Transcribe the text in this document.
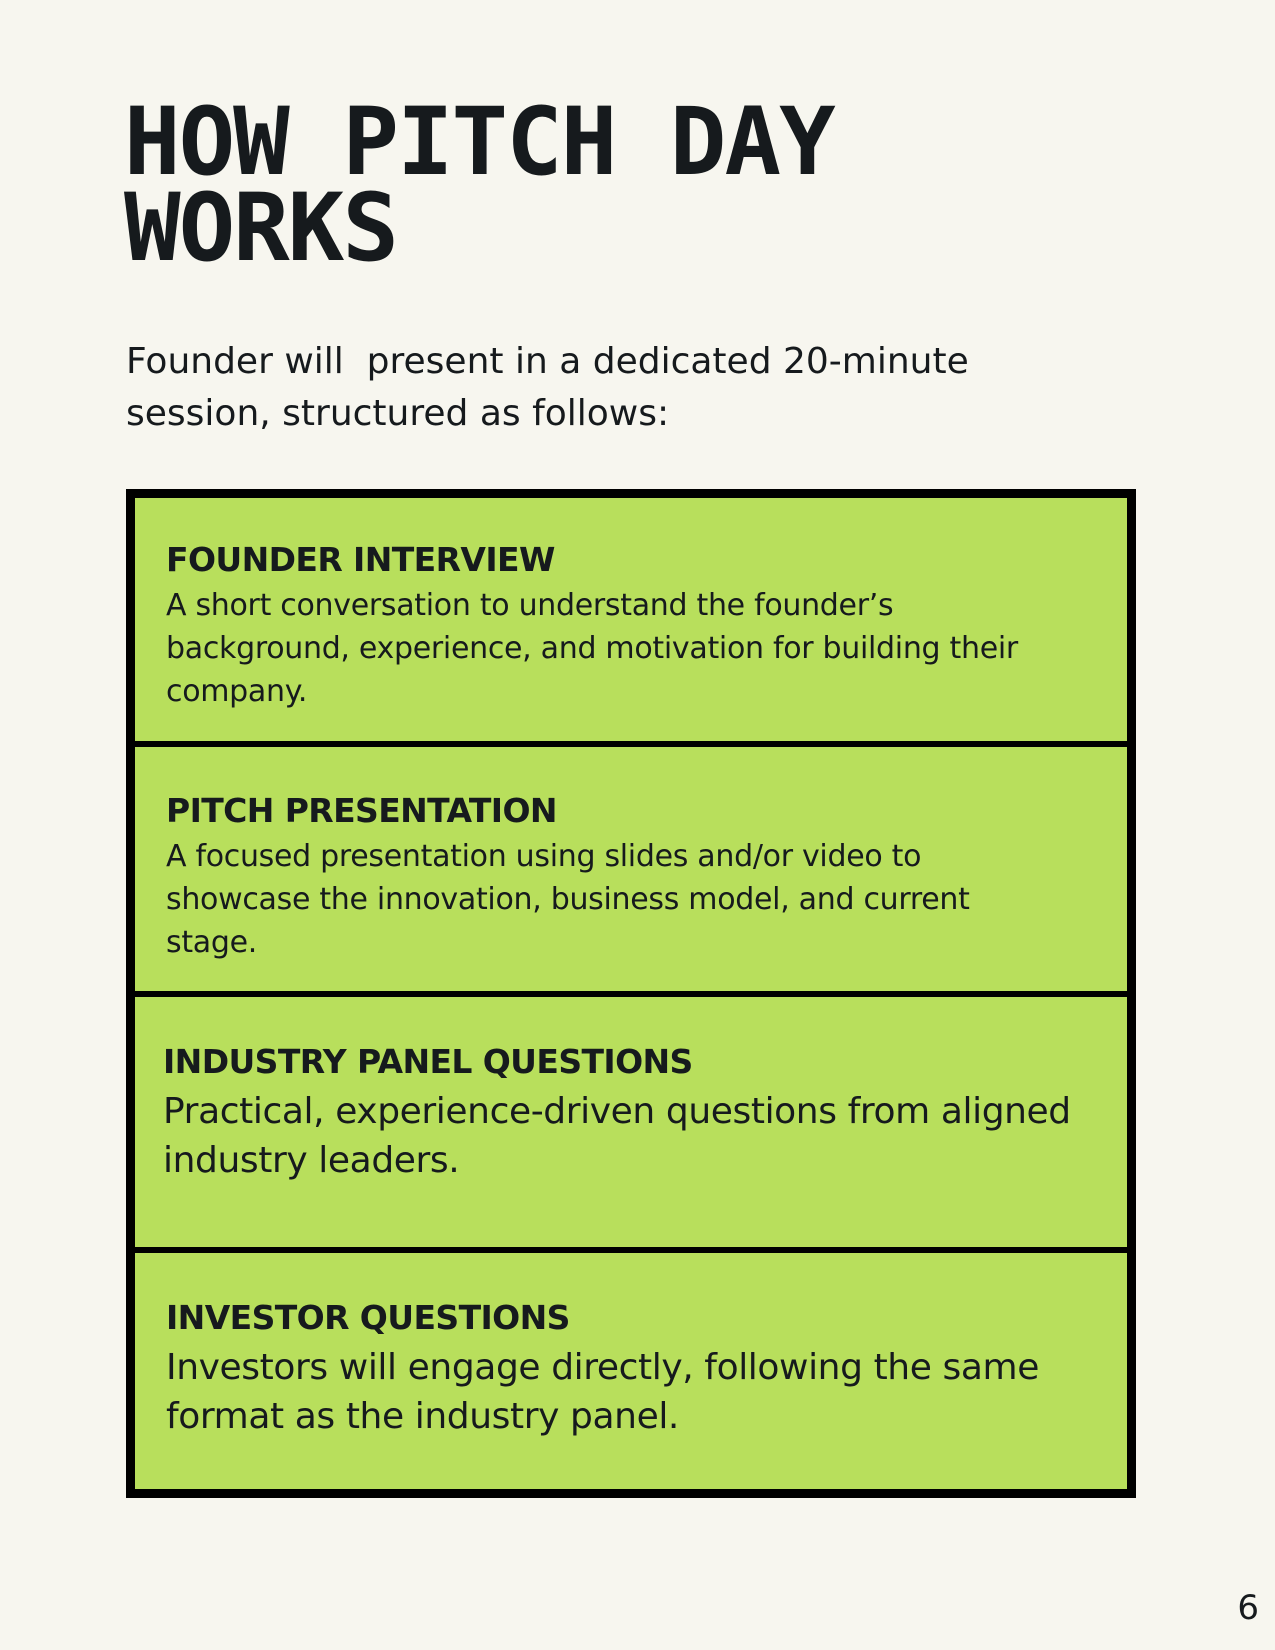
HOW PITCH DAY
WORKS

Founder will  present in a dedicated 20-minute
session, structured as follows:

FOUNDER INTERVIEW

A short conversation to understand the founder’s
background, experience, and motivation for building their
company.

PITCH PRESENTATION

A focused presentation using slides and/or video to
showcase the innovation, business model, and current
stage.

INDUSTRY PANEL QUESTIONS

Practical, experience-driven questions from aligned
industry leaders.

INVESTOR QUESTIONS

Investors will engage directly, following the same
format as the industry panel.

6
